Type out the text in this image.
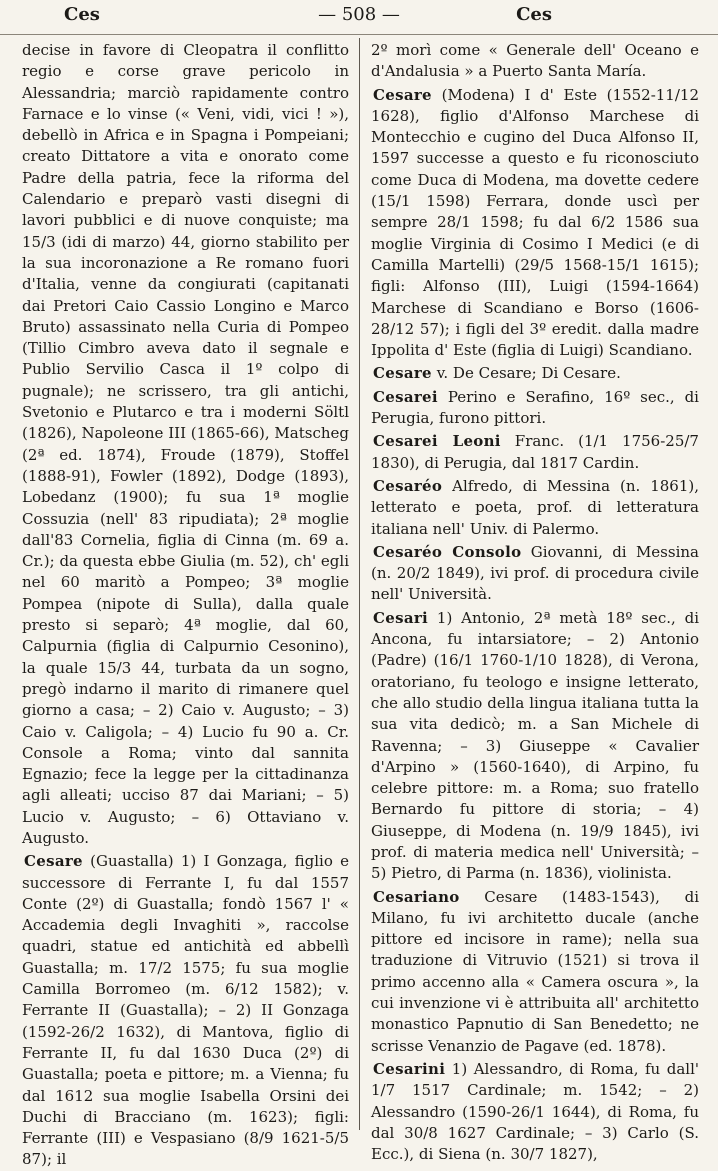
— 508 —
Ces	Ces

decise in favore di Cleopatra il conflitto regio e corse grave pericolo in Alessandria; marciò rapidamente contro Farnace e lo vinse (« Veni, vidi, vici ! »), debellò in Africa e in Spagna i Pompeiani; creato Dittatore a vita e onorato come Padre della patria, fece la riforma del Calendario e preparò vasti disegni di lavori pubblici e di nuove conquiste; ma 15/3 (idi di marzo) 44, giorno stabilito per la sua incoronazione a Re romano fuori d'Italia, venne da congiurati (capitanati dai Pretori Caio Cassio Longino e Marco Bruto) assassinato nella Curia di Pompeo (Tillio Cimbro aveva dato il segnale e Publio Servilio Casca il 1º colpo di pugnale); ne scrissero, tra gli antichi, Svetonio e Plutarco e tra i moderni Söltl (1826), Napoleone III (1865-66), Matscheg (2ª ed. 1874), Froude (1879), Stoffel (1888-91), Fowler (1892), Dodge (1893), Lobedanz (1900); fu sua 1ª moglie Cossuzia (nell' 83 ripudiata); 2ª moglie dall'83 Cornelia, figlia di Cinna (m. 69 a. Cr.); da questa ebbe Giulia (m. 52), ch' egli nel 60 maritò a Pompeo; 3ª moglie Pompea (nipote di Sulla), dalla quale presto si separò; 4ª moglie, dal 60, Calpurnia (figlia di Calpurnio Cesonino), la quale 15/3 44, turbata da un sogno, pregò indarno il marito di rimanere quel giorno a casa; – 2) Caio v. Augusto; – 3) Caio v. Caligola; – 4) Lucio fu 90 a. Cr. Console a Roma; vinto dal sannita Egnazio; fece la legge per la cittadinanza agli alleati; ucciso 87 dai Mariani; – 5) Lucio v. Augusto; – 6) Ottaviano v. Augusto.

Cesare (Guastalla) 1) I Gonzaga, figlio e successore di Ferrante I, fu dal 1557 Conte (2º) di Guastalla; fondò 1567 l' « Accademia degli Invaghiti », raccolse quadri, statue ed antichità ed abbellì Guastalla; m. 17/2 1575; fu sua moglie Camilla Borromeo (m. 6/12 1582); v. Ferrante II (Guastalla); – 2) II Gonzaga (1592-26/2 1632), di Mantova, figlio di Ferrante II, fu dal 1630 Duca (2º) di Guastalla; poeta e pittore; m. a Vienna; fu dal 1612 sua moglie Isabella Orsini dei Duchi di Bracciano (m. 1623); figli: Ferrante (III) e Vespasiano (8/9 1621-5/5 87); il

2º morì come « Generale dell' Oceano e d'Andalusia » a Puerto Santa María.

Cesare (Modena) I d' Este (1552-11/12 1628), figlio d'Alfonso Marchese di Montecchio e cugino del Duca Alfonso II, 1597 successe a questo e fu riconosciuto come Duca di Modena, ma dovette cedere (15/1 1598) Ferrara, donde uscì per sempre 28/1 1598; fu dal 6/2 1586 sua moglie Virginia di Cosimo I Medici (e di Camilla Martelli) (29/5 1568-15/1 1615); figli: Alfonso (III), Luigi (1594-1664) Marchese di Scandiano e Borso (1606-28/12 57); i figli del 3º eredit. dalla madre Ippolita d' Este (figlia di Luigi) Scandiano.

Cesare v. De Cesare; Di Cesare.

Cesarei Perino e Serafino, 16º sec., di Perugia, furono pittori.

Cesarei Leoni Franc. (1/1 1756-25/7 1830), di Perugia, dal 1817 Cardin.

Cesaréo Alfredo, di Messina (n. 1861), letterato e poeta, prof. di letteratura italiana nell' Univ. di Palermo.

Cesaréo Consolo Giovanni, di Messina (n. 20/2 1849), ivi prof. di procedura civile nell' Università.

Cesari 1) Antonio, 2ª metà 18º sec., di Ancona, fu intarsiatore; – 2) Antonio (Padre) (16/1 1760-1/10 1828), di Verona, oratoriano, fu teologo e insigne letterato, che allo studio della lingua italiana tutta la sua vita dedicò; m. a San Michele di Ravenna; – 3) Giuseppe « Cavalier d'Arpino » (1560-1640), di Arpino, fu celebre pittore: m. a Roma; suo fratello Bernardo fu pittore di storia; – 4) Giuseppe, di Modena (n. 19/9 1845), ivi prof. di materia medica nell' Università; – 5) Pietro, di Parma (n. 1836), violinista.

Cesariano Cesare (1483-1543), di Milano, fu ivi architetto ducale (anche pittore ed incisore in rame); nella sua traduzione di Vitruvio (1521) si trova il primo accenno alla « Camera oscura », la cui invenzione vi è attribuita all' architetto monastico Papnutio di San Benedetto; ne scrisse Venanzio de Pagave (ed. 1878).

Cesarini 1) Alessandro, di Roma, fu dall' 1/7 1517 Cardinale; m. 1542; – 2) Alessandro (1590-26/1 1644), di Roma, fu dal 30/8 1627 Cardinale; – 3) Carlo (S. Ecc.), di Siena (n. 30/7 1827),
